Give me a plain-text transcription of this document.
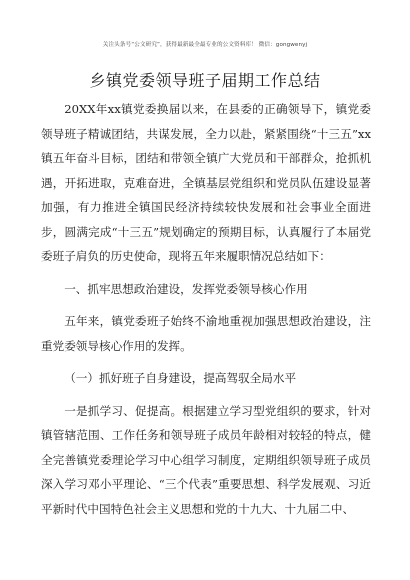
关注头条号“公文研究”，获得最新最全最专业的公文资料库！ 微信：gongwenyj
乡镇党委领导班子届期工作总结

20XX年xx镇党委换届以来，在县委的正确领导下，镇党委领导班子精诚团结，共谋发展，全力以赴，紧紧围绕“十三五”xx镇五年奋斗目标，团结和带领全镇广大党员和干部群众，抢抓机遇，开拓进取，克难奋进，全镇基层党组织和党员队伍建设显著加强，有力推进全镇国民经济持续较快发展和社会事业全面进步，圆满完成“十三五”规划确定的预期目标，认真履行了本届党委班子肩负的历史使命，现将五年来履职情况总结如下：

一、抓牢思想政治建设，发挥党委领导核心作用

五年来，镇党委班子始终不渝地重视加强思想政治建设，注重党委领导核心作用的发挥。

（一）抓好班子自身建设，提高驾驭全局水平

一是抓学习、促提高。根据建立学习型党组织的要求，针对镇管辖范围、工作任务和领导班子成员年龄相对较轻的特点，健全完善镇党委理论学习中心组学习制度，定期组织领导班子成员深入学习邓小平理论、“三个代表”重要思想、科学发展观、习近平新时代中国特色社会主义思想和党的十九大、十九届二中、
